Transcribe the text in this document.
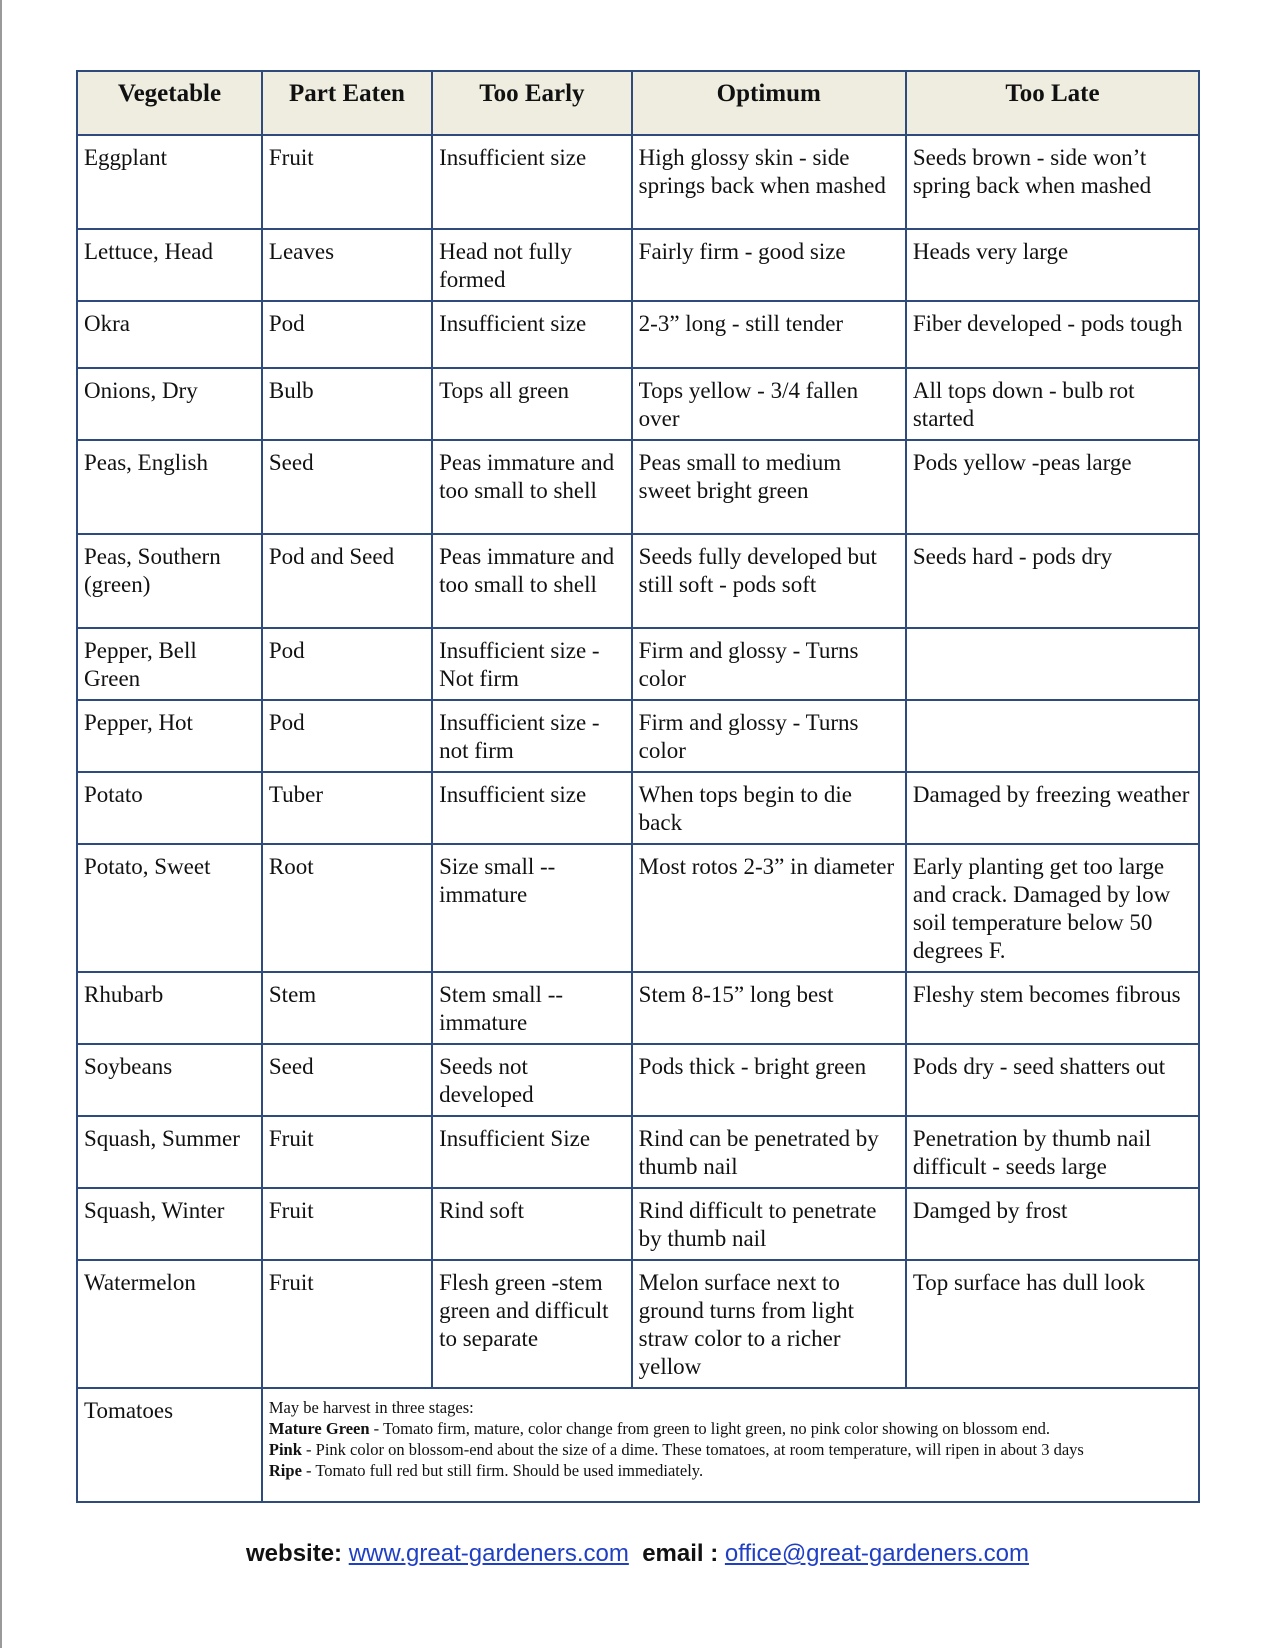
Vegetable	Part Eaten	Too Early	Optimum	Too Late
Eggplant	Fruit	Insufficient size	High glossy skin - side springs back when mashed	Seeds brown - side won’t spring back when mashed
Lettuce, Head	Leaves	Head not fully formed	Fairly firm - good size	Heads very large
Okra	Pod	Insufficient size	2-3” long - still tender	Fiber developed - pods tough
Onions, Dry	Bulb	Tops all green	Tops yellow - 3/4 fallen over	All tops down - bulb rot started
Peas, English	Seed	Peas immature and too small to shell	Peas small to medium sweet bright green	Pods yellow -peas large
Peas, Southern (green)	Pod and Seed	Peas immature and too small to shell	Seeds fully developed but still soft - pods soft	Seeds hard - pods dry
Pepper, Bell Green	Pod	Insufficient size - Not firm	Firm and glossy - Turns color	
Pepper, Hot	Pod	Insufficient size - not firm	Firm and glossy - Turns color	
Potato	Tuber	Insufficient size	When tops begin to die back	Damaged by freezing weather
Potato, Sweet	Root	Size small -- immature	Most rotos 2-3” in diameter	Early planting get too large and crack. Damaged by low soil temperature below 50 degrees F.
Rhubarb	Stem	Stem small -- immature	Stem 8-15” long best	Fleshy stem becomes fibrous
Soybeans	Seed	Seeds not developed	Pods thick - bright green	Pods dry - seed shatters out
Squash, Summer	Fruit	Insufficient Size	Rind can be penetrated by thumb nail	Penetration by thumb nail difficult - seeds large
Squash, Winter	Fruit	Rind soft	Rind difficult to penetrate by thumb nail	Damged by frost
Watermelon	Fruit	Flesh green -stem green and difficult to separate	Melon surface next to ground turns from light straw color to a richer yellow	Top surface has dull look
Tomatoes	May be harvest in three stages:
Mature Green - Tomato firm, mature, color change from green to light green, no pink color showing on blossom end.
Pink - Pink color on blossom-end about the size of a dime. These tomatoes, at room temperature, will ripen in about 3 days
Ripe - Tomato full red but still firm. Should be used immediately.			
website: www.great-gardeners.com email : office@great-gardeners.com
